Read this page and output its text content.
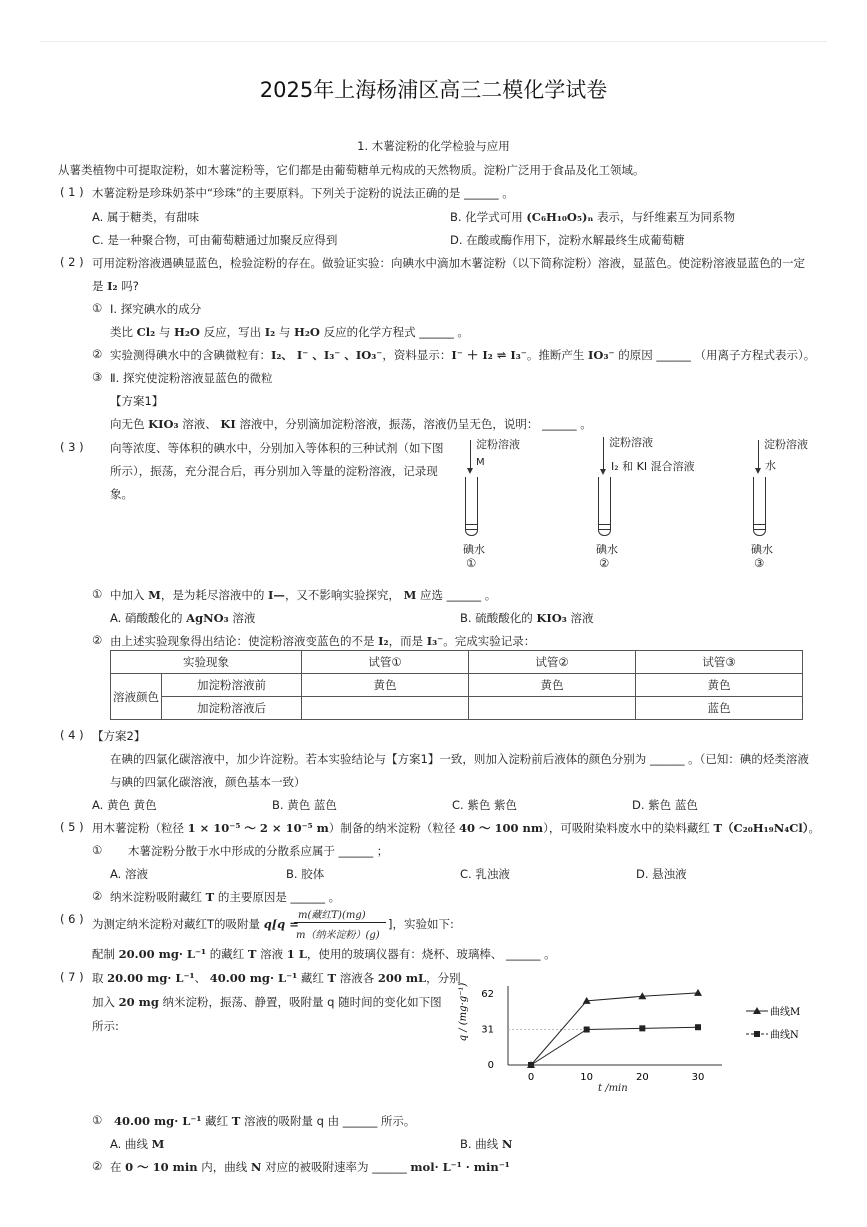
2025年上海杨浦区高三二模化学试卷
1. 木薯淀粉的化学检验与应用
从薯类植物中可提取淀粉，如木薯淀粉等，它们都是由葡萄糖单元构成的天然物质。淀粉广泛用于食品及化工领域。
( 1 ) 木薯淀粉是珍珠奶茶中“珍珠”的主要原料。下列关于淀粉的说法正确的是 ______ 。
A. 属于糖类，有甜味	B. 化学式可用 (C₆H₁₀O₅)ₙ 表示，与纤维素互为同系物
C. 是一种聚合物，可由葡萄糖通过加聚反应得到	D. 在酸或酶作用下，淀粉水解最终生成葡萄糖
( 2 ) 可用淀粉溶液遇碘显蓝色，检验淀粉的存在。做验证实验：向碘水中滴加木薯淀粉（以下简称淀粉）溶液，显蓝色。使淀粉溶液显蓝色的一定
是 I₂ 吗?
① Ⅰ. 探究碘水的成分
类比 Cl₂ 与 H₂O 反应，写出 I₂ 与 H₂O 反应的化学方程式 ______ 。
② 实验测得碘水中的含碘微粒有：I₂、 I⁻ 、I₃⁻ 、IO₃⁻，资料显示：I⁻ ＋ I₂ ⇌ I₃⁻。推断产生 IO₃⁻ 的原因 ______ （用离子方程式表示）。
③ Ⅱ. 探究使淀粉溶液显蓝色的微粒
【方案1】
向无色 KIO₃ 溶液、 KI 溶液中，分别滴加淀粉溶液，振荡，溶液仍呈无色，说明： ______ 。
( 3 ) 向等浓度、等体积的碘水中，分别加入等体积的三种试剂（如下图
所示），振荡，充分混合后，再分别加入等量的淀粉溶液，记录现
象。
淀粉溶液
M
碘水
①
淀粉溶液
I₂ 和 KI 混合溶液
碘水
②
淀粉溶液
水
碘水
③
① 中加入 M，是为耗尽溶液中的 I—，又不影响实验探究， M 应选 ______ 。
A. 硝酸酸化的 AgNO₃ 溶液	B. 硫酸酸化的 KIO₃ 溶液
② 由上述实验现象得出结论：使淀粉溶液变蓝色的不是 I₂，而是 I₃⁻。完成实验记录：
实验现象		试管①	试管②	试管③
溶液颜色	加淀粉溶液前	黄色	黄色	黄色
	加淀粉溶液后			蓝色
( 4 ) 【方案2】
在碘的四氯化碳溶液中，加少许淀粉。若本实验结论与【方案1】一致，则加入淀粉前后液体的颜色分别为 ______ 。（已知：碘的烃类溶液
与碘的四氯化碳溶液，颜色基本一致）
A. 黄色 黄色	B. 黄色 蓝色	C. 紫色 紫色	D. 紫色 蓝色
( 5 ) 用木薯淀粉（粒径 1 × 10⁻⁵ ～ 2 × 10⁻⁵ m）制备的纳米淀粉（粒径 40 ～ 100 nm），可吸附染料废水中的染料藏红 T（C₂₀H₁₉N₄Cl）。
① 木薯淀粉分散于水中形成的分散系应属于 ______ ；
A. 溶液	B. 胶体	C. 乳浊液	D. 悬浊液
② 纳米淀粉吸附藏红 T 的主要原因是 ______ 。
( 6 ) 为测定纳米淀粉对藏红T的吸附量 q[q =
m(藏红T)(mg)
m（纳米淀粉）(g)
]，实验如下:
配制 20.00 mg· L⁻¹ 的藏红 T 溶液 1 L，使用的玻璃仪器有：烧杯、玻璃棒、 ______ 。
( 7 ) 取 20.00 mg· L⁻¹、 40.00 mg· L⁻¹ 藏红 T 溶液各 200 mL，分别
加入 20 mg 纳米淀粉，振荡、静置，吸附量 q 随时间的变化如下图
所示:	q / (mg·g⁻¹)
0
31
62
0	10	20	30
曲线M
曲线N
t /min
① 40.00 mg· L⁻¹ 藏红 T 溶液的吸附量 q 由 ______ 所示。
A. 曲线 M	B. 曲线 N
② 在 0 ～ 10 min 内，曲线 N 对应的被吸附速率为 ______ mol· L⁻¹ · min⁻¹
